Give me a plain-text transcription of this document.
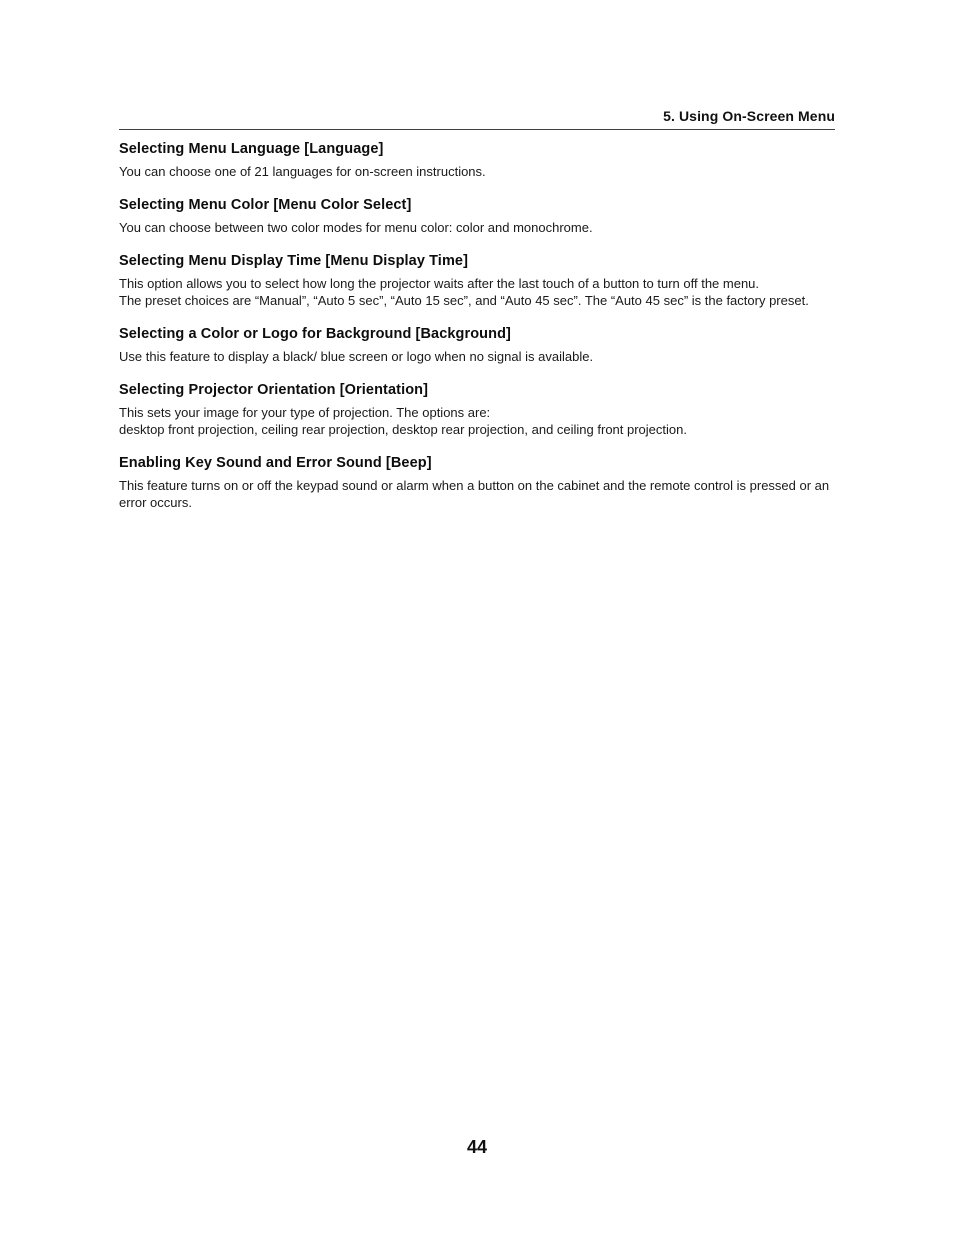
5. Using On-Screen Menu
Selecting Menu Language [Language]

You can choose one of 21 languages for on-screen instructions.

Selecting Menu Color [Menu Color Select]

You can choose between two color modes for menu color: color and monochrome.

Selecting Menu Display Time [Menu Display Time]

This option allows you to select how long the projector waits after the last touch of a button to turn off the menu.

The preset choices are “Manual”, “Auto 5 sec”, “Auto 15 sec”, and “Auto 45 sec”. The “Auto 45 sec” is the factory preset.

Selecting a Color or Logo for Background [Background]

Use this feature to display a black/ blue screen or logo when no signal is available.

Selecting Projector Orientation [Orientation]

This sets your image for your type of projection. The options are:

desktop front projection, ceiling rear projection, desktop rear projection, and ceiling front projection.

Enabling Key Sound and Error Sound [Beep]

This feature turns on or off the keypad sound or alarm when a button on the cabinet and the remote control is pressed or an error occurs.

44
